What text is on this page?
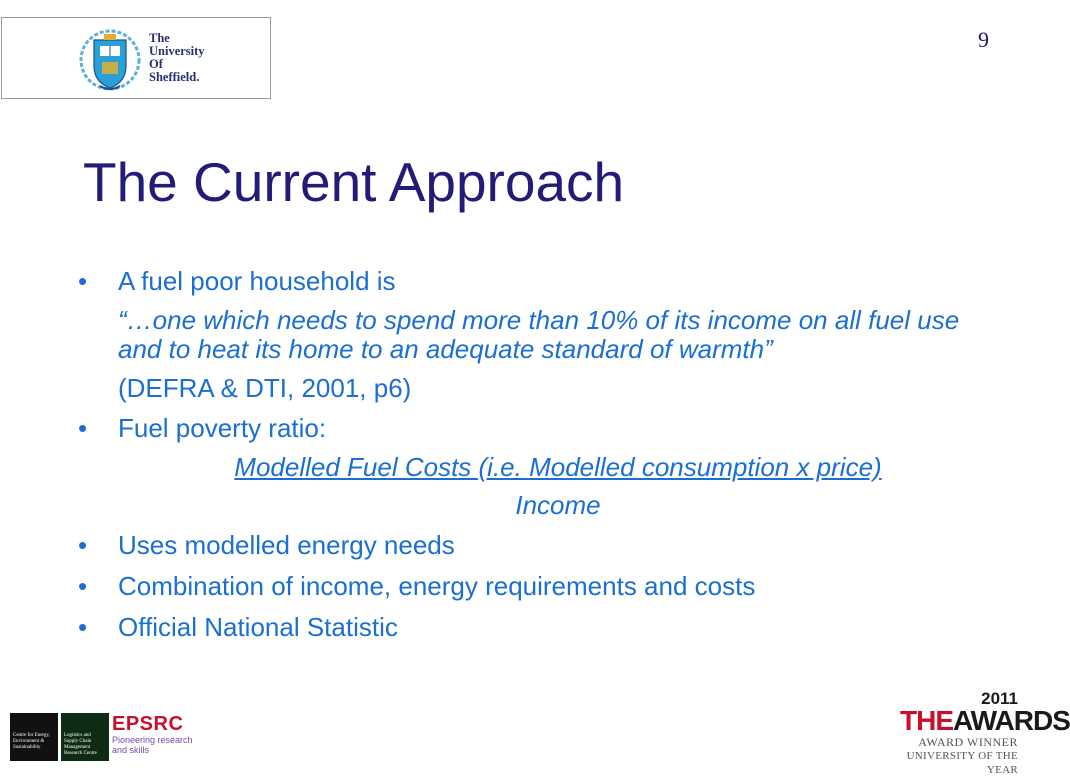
The
University
Of
Sheffield.
9
The Current Approach
•	A fuel poor household is
“…one which needs to spend more than 10% of its income on all fuel use and to heat its home to an adequate standard of warmth”
(DEFRA & DTI, 2001, p6)
•	Fuel poverty ratio:
Modelled Fuel Costs (i.e. Modelled consumption x price)
Income
•	Uses modelled energy needs
•	Combination of income, energy requirements and costs
•	Official National Statistic
Centre for Energy, Environment & Sustainability
Logistics and Supply Chain Management Research Centre
EPSRC
Pioneering research
and skills
2011
THEAWARDS
AWARD WINNER
UNIVERSITY OF THE YEAR
